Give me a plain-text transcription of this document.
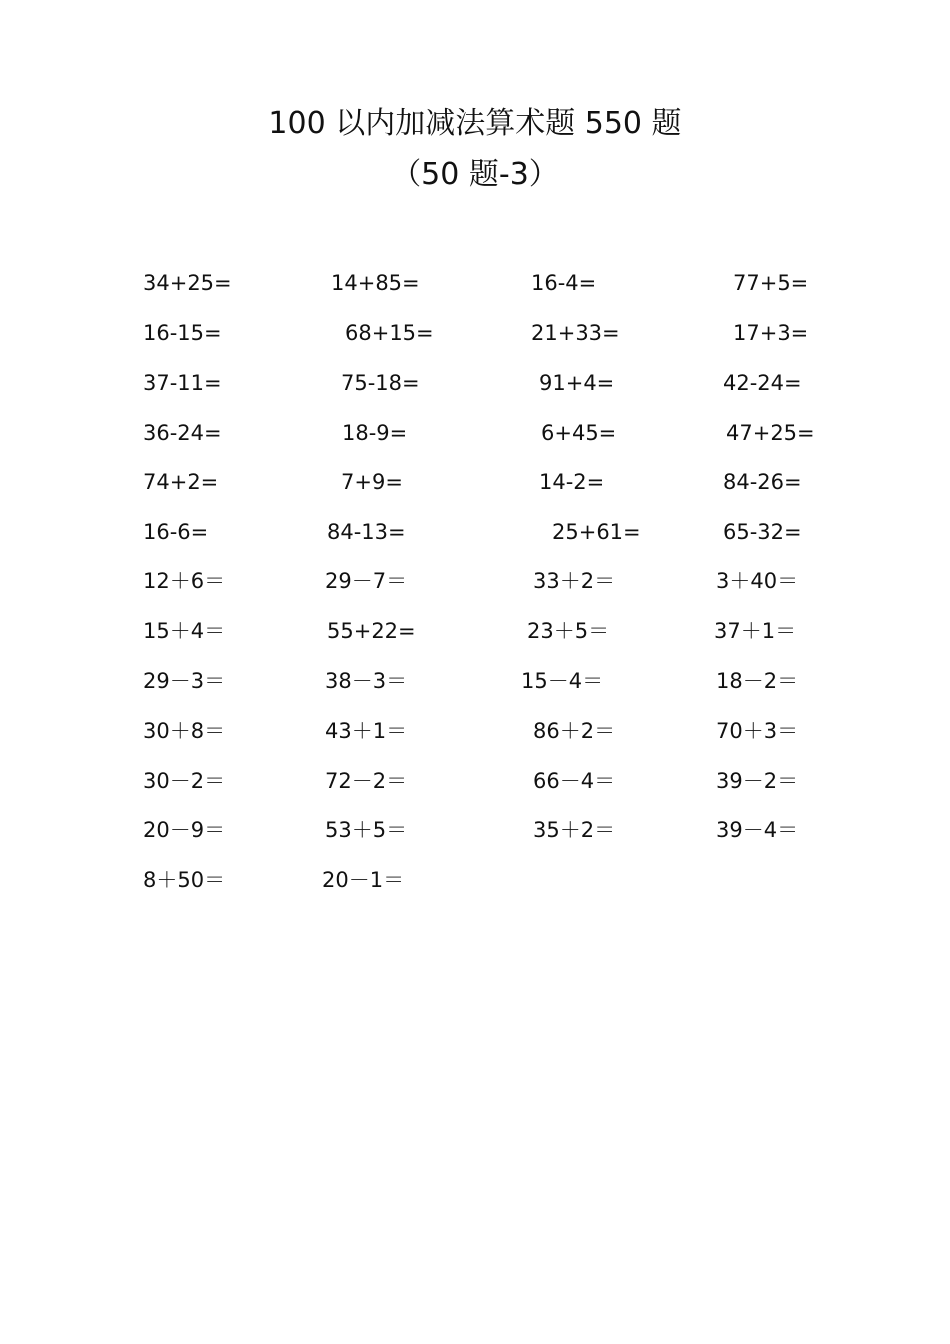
100 以内加减法算术题 550 题
（50 题-3）
34+25=	14+85=	16-4=	77+5=
16-15=	68+15=	21+33=	17+3=
37-11=	75-18=	91+4=	42-24=
36-24=	18-9=	6+45=	47+25=
74+2=	7+9=	14-2=	84-26=
16-6=	84-13=	25+61=	65-32=
12＋6＝	29－7＝	33＋2＝	3＋40＝
15＋4＝	55+22=	23＋5＝	37＋1＝
29－3＝	38－3＝	15－4＝	18－2＝
30＋8＝	43＋1＝	86＋2＝	70＋3＝
30－2＝	72－2＝	66－4＝	39－2＝
20－9＝	53＋5＝	35＋2＝	39－4＝
8＋50＝	20－1＝
